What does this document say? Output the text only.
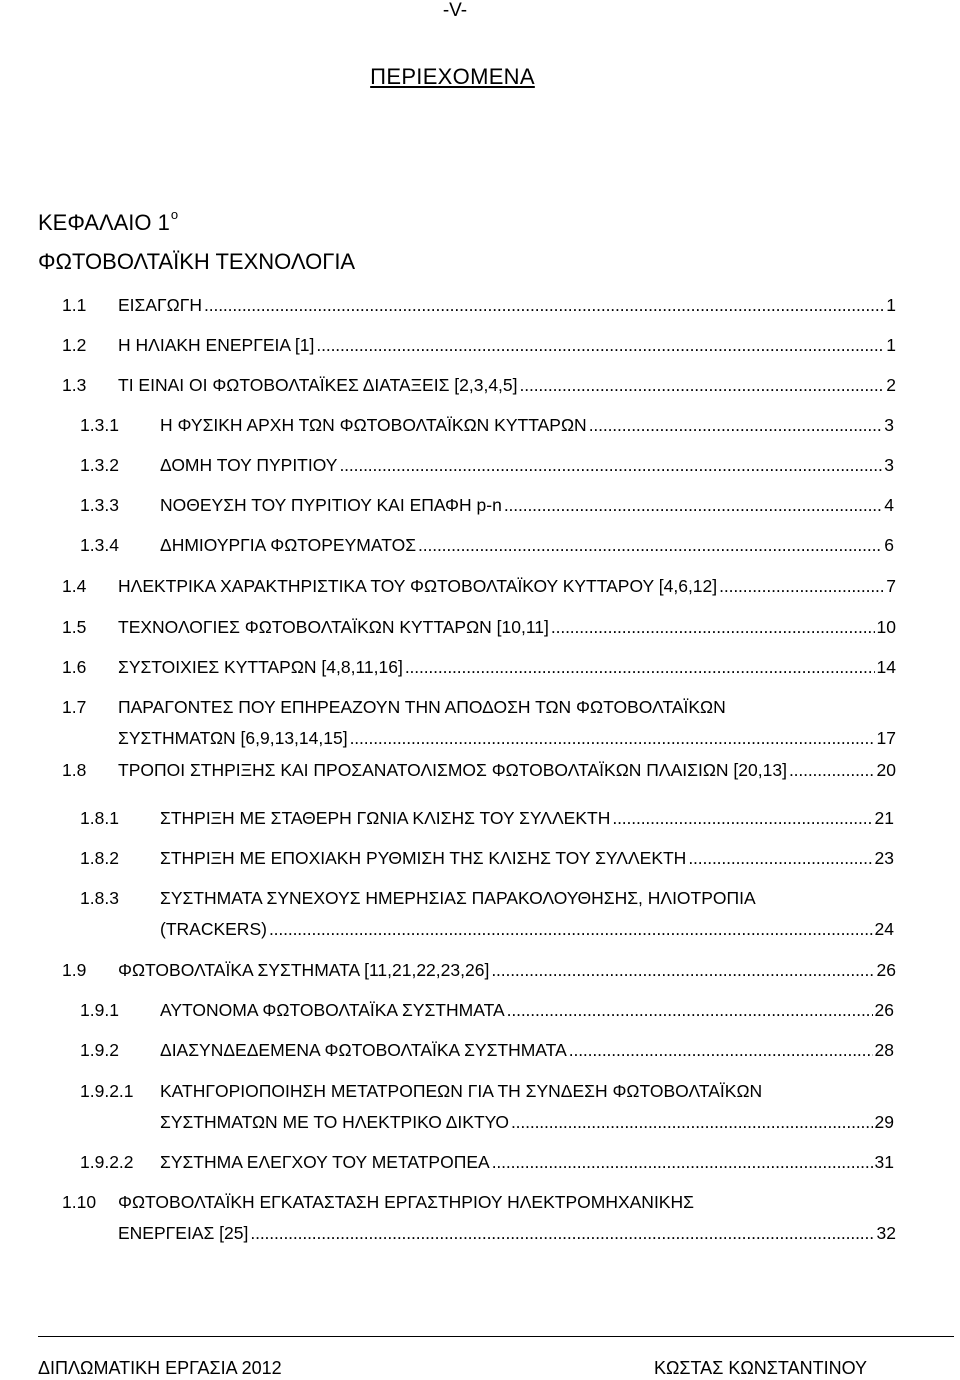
-V-
ΠΕΡΙΕΧΟΜΕΝΑ
ΚΕΦΑΛΑΙΟ $1^o$
ΦΩΤΟΒΟΛΤΑΪΚΗ ΤΕΧΝΟΛΟΓΙΑ
1.1 ΕΙΣΑΓΩΓΗ . . .	1
1.2 Η ΗΛΙΑΚΗ ΕΝΕΡΓΕΙΑ [1] . . .	1
1.3 ΤΙ ΕΙΝΑΙ ΟΙ ΦΩΤΟΒΟΛΤΑΪΚΕΣ ΔΙΑΤΑΞΕΙΣ [2,3,4,5] . . .	2
1.3.1 Η ΦΥΣΙΚΗ ΑΡΧΗ ΤΩΝ ΦΩΤΟΒΟΛΤΑΪΚΩΝ ΚΥΤΤΑΡΩΝ . . .	3
1.3.2 ΔΟΜΗ ΤΟΥ ΠΥΡΙΤΙΟΥ . . .	3
1.3.3 ΝΟΘΕΥΣΗ ΤΟΥ ΠΥΡΙΤΙΟΥ ΚΑΙ ΕΠΑΦΗ p-n . . .	4
1.3.4 ΔΗΜΙΟΥΡΓΙΑ ΦΩΤΟΡΕΥΜΑΤΟΣ . . .	6
1.4 ΗΛΕΚΤΡΙΚΑ ΧΑΡΑΚΤΗΡΙΣΤΙΚΑ ΤΟΥ ΦΩΤΟΒΟΛΤΑΪΚΟΥ ΚΥΤΤΑΡΟΥ [4,6,12] . . .	7
1.5 ΤΕΧΝΟΛΟΓΙΕΣ ΦΩΤΟΒΟΛΤΑΪΚΩΝ ΚΥΤΤΑΡΩΝ [10,11] . . .	10
1.6 ΣΥΣΤΟΙΧΙΕΣ ΚΥΤΤΑΡΩΝ [4,8,11,16] . . .	14
1.7 ΠΑΡΑΓΟΝΤΕΣ ΠΟΥ ΕΠΗΡΕΑΖΟΥΝ ΤΗΝ ΑΠΟΔΟΣΗ ΤΩΝ ΦΩΤΟΒΟΛΤΑΪΚΩΝ
ΣΥΣΤΗΜΑΤΩΝ [6,9,13,14,15] . . .	17
1.8 ΤΡΟΠΟΙ ΣΤΗΡΙΞΗΣ ΚΑΙ ΠΡΟΣΑΝΑΤΟΛΙΣΜΟΣ ΦΩΤΟΒΟΛΤΑΪΚΩΝ ΠΛΑΙΣΙΩΝ [20,13] . . .	20
1.8.1 ΣΤΗΡΙΞΗ ΜΕ ΣΤΑΘΕΡΗ ΓΩΝΙΑ ΚΛΙΣΗΣ ΤΟΥ ΣΥΛΛΕΚΤΗ . . .	21
1.8.2 ΣΤΗΡΙΞΗ ΜΕ ΕΠΟΧΙΑΚΗ ΡΥΘΜΙΣΗ ΤΗΣ ΚΛΙΣΗΣ ΤΟΥ ΣΥΛΛΕΚΤΗ . . .	23
1.8.3 ΣΥΣΤΗΜΑΤΑ ΣΥΝΕΧΟΥΣ ΗΜΕΡΗΣΙΑΣ ΠΑΡΑΚΟΛΟΥΘΗΣΗΣ, ΗΛΙΟΤΡΟΠΙΑ
(TRACKERS) . . .	24
1.9 ΦΩΤΟΒΟΛΤΑΪΚΑ ΣΥΣΤΗΜΑΤΑ [11,21,22,23,26] . . .	26
1.9.1 ΑΥΤΟΝΟΜΑ ΦΩΤΟΒΟΛΤΑΪΚΑ ΣΥΣΤΗΜΑΤΑ . . .	26
1.9.2 ΔΙΑΣΥΝΔΕΔΕΜΕΝΑ ΦΩΤΟΒΟΛΤΑΪΚΑ ΣΥΣΤΗΜΑΤΑ . . .	28
1.9.2.1 ΚΑΤΗΓΟΡΙΟΠΟΙΗΣΗ ΜΕΤΑΤΡΟΠΕΩΝ ΓΙΑ ΤΗ ΣΥΝΔΕΣΗ ΦΩΤΟΒΟΛΤΑΪΚΩΝ
ΣΥΣΤΗΜΑΤΩΝ ΜΕ ΤΟ ΗΛΕΚΤΡΙΚΟ ΔΙΚΤΥΟ . . .	29
1.9.2.2 ΣΥΣΤΗΜΑ ΕΛΕΓΧΟΥ ΤΟΥ ΜΕΤΑΤΡΟΠΕΑ . . .	31
1.10 ΦΩΤΟΒΟΛΤΑΪΚΗ ΕΓΚΑΤΑΣΤΑΣΗ ΕΡΓΑΣΤΗΡΙΟΥ ΗΛΕΚΤΡΟΜΗΧΑΝΙΚΗΣ
ΕΝΕΡΓΕΙΑΣ [25] . . .	32
ΔΙΠΛΩΜΑΤΙΚΗ ΕΡΓΑΣΙΑ 2012	ΚΩΣΤΑΣ ΚΩΝΣΤΑΝΤΙΝΟΥ
